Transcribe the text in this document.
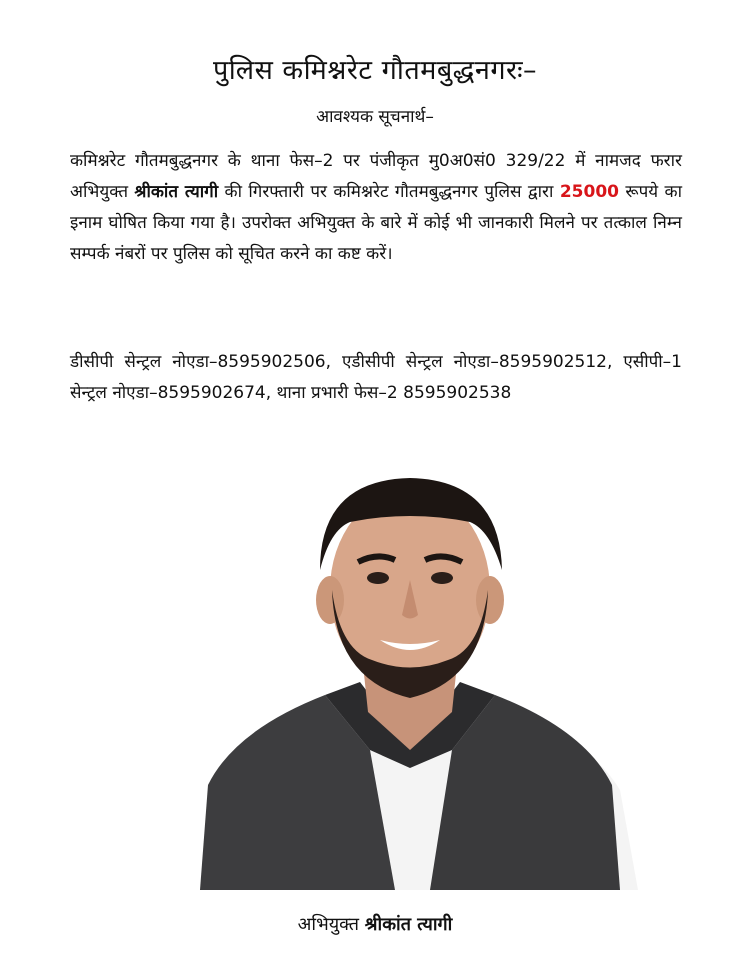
पुलिस कमिश्नरेट गौतमबुद्धनगरः–
आवश्यक सूचनार्थ–
कमिश्नरेट गौतमबुद्धनगर के थाना फेस–2 पर पंजीकृत मु0अ0सं0 329/22 में नामजद फरार अभियुक्त श्रीकांत त्यागी की गिरफ्तारी पर कमिश्नरेट गौतमबुद्धनगर पुलिस द्वारा 25000 रूपये का इनाम घोषित किया गया है। उपरोक्त अभियुक्त के बारे में कोई भी जानकारी मिलने पर तत्काल निम्न सम्पर्क नंबरों पर पुलिस को सूचित करने का कष्ट करें।
डीसीपी सेन्ट्रल नोएडा–8595902506, एडीसीपी सेन्ट्रल नोएडा–8595902512, एसीपी–1 सेन्ट्रल नोएडा–8595902674, थाना प्रभारी फेस–2 8595902538
अभियुक्त श्रीकांत त्यागी
